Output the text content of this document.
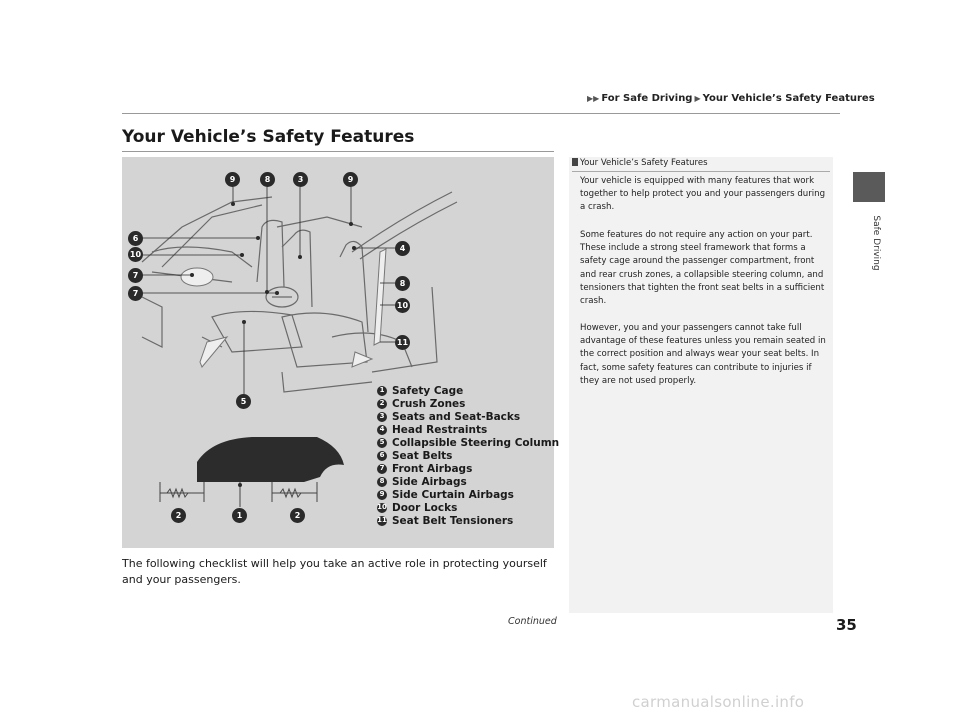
▶▶ For Safe Driving ▶ Your Vehicle’s Safety Features
Safe Driving
Your Vehicle’s Safety Features
9	8	3	9
6
10
4
7
8
7
10
11
5
2	1	2
1 Safety Cage
2 Crush Zones
3 Seats and Seat-Backs
4 Head Restraints
5 Collapsible Steering Column
6 Seat Belts
7 Front Airbags
8 Side Airbags
9 Side Curtain Airbags
10 Door Locks
11 Seat Belt Tensioners
The following checklist will help you take an active role in protecting yourself and your passengers.
Your Vehicle’s Safety Features
Your vehicle is equipped with many features that work together to help protect you and your passengers during a crash.
Some features do not require any action on your part. These include a strong steel framework that forms a safety cage around the passenger compartment, front and rear crush zones, a collapsible steering column, and tensioners that tighten the front seat belts in a sufficient crash.
However, you and your passengers cannot take full advantage of these features unless you remain seated in the correct position and always wear your seat belts. In fact, some safety features can contribute to injuries if they are not used properly.
Continued	35
carmanualsonline.info
